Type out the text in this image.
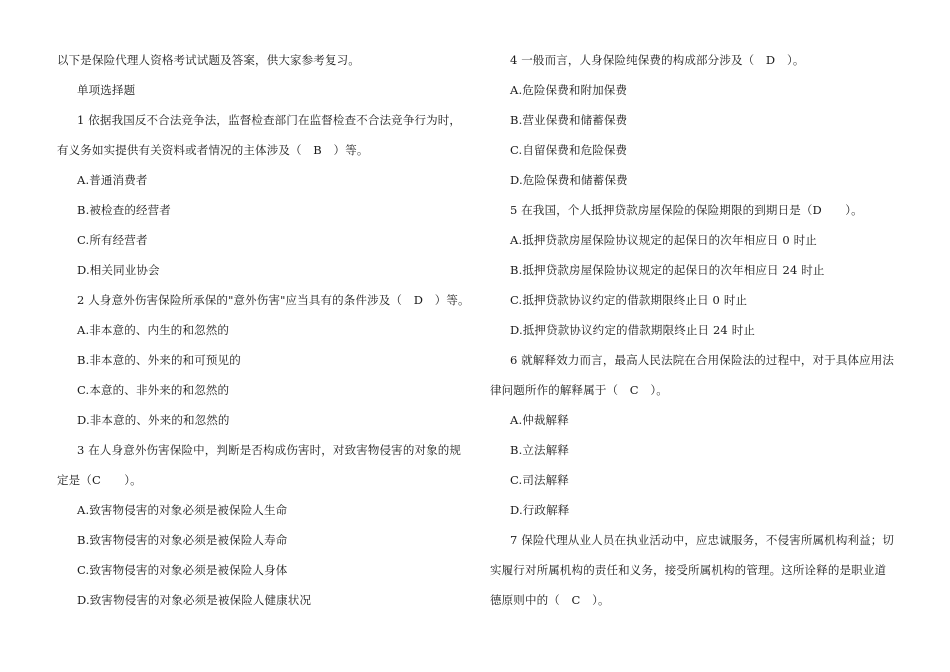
以下是保险代理人资格考试试题及答案，供大家参考复习。
单项选择题
1 依据我国反不合法竞争法，监督检查部门在监督检查不合法竞争行为时，
有义务如实提供有关资料或者情况的主体涉及（　B　）等。
A.普通消费者
B.被检查的经营者
C.所有经营者
D.相关同业协会
2 人身意外伤害保险所承保的"意外伤害"应当具有的条件涉及（　D　）等。
A.非本意的、内生的和忽然的
B.非本意的、外来的和可预见的
C.本意的、非外来的和忽然的
D.非本意的、外来的和忽然的
3 在人身意外伤害保险中，判断是否构成伤害时，对致害物侵害的对象的规
定是（C　　）。
A.致害物侵害的对象必须是被保险人生命
B.致害物侵害的对象必须是被保险人寿命
C.致害物侵害的对象必须是被保险人身体
D.致害物侵害的对象必须是被保险人健康状况
4 一般而言，人身保险纯保费的构成部分涉及（　D　）。
A.危险保费和附加保费
B.营业保费和储蓄保费
C.自留保费和危险保费
D.危险保费和储蓄保费
5 在我国，个人抵押贷款房屋保险的保险期限的到期日是（D　　）。
A.抵押贷款房屋保险协议规定的起保日的次年相应日 0 时止
B.抵押贷款房屋保险协议规定的起保日的次年相应日 24 时止
C.抵押贷款协议约定的借款期限终止日 0 时止
D.抵押贷款协议约定的借款期限终止日 24 时止
6 就解释效力而言，最高人民法院在合用保险法的过程中，对于具体应用法
律问题所作的解释属于（　C　）。
A.仲裁解释
B.立法解释
C.司法解释
D.行政解释
7 保险代理从业人员在执业活动中，应忠诚服务，不侵害所属机构利益；切
实履行对所属机构的责任和义务，接受所属机构的管理。这所诠释的是职业道
德原则中的（　C　）。
